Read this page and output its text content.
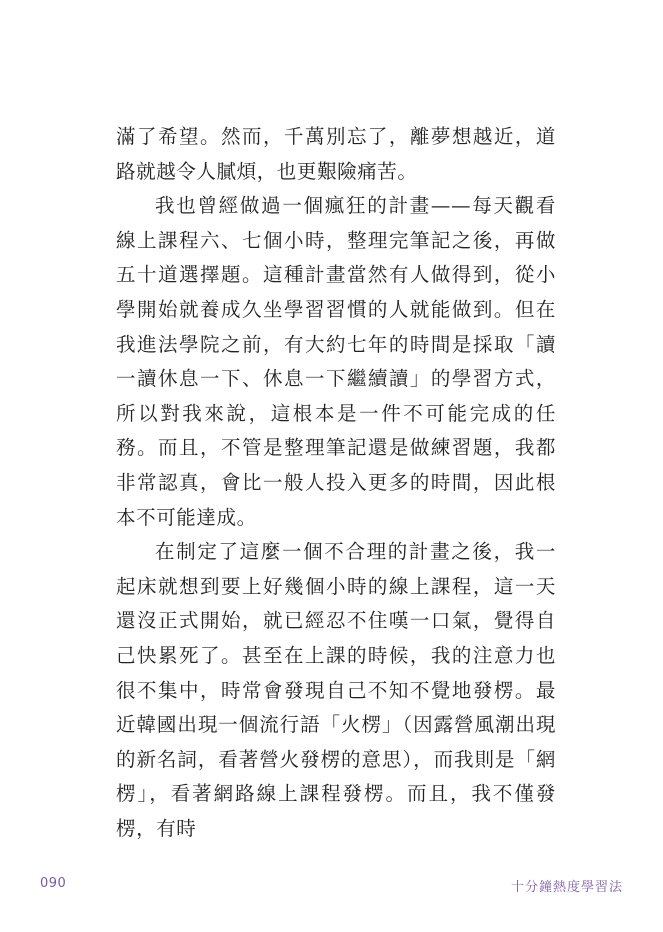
滿了希望。然而，千萬別忘了，離夢想越近，道路就越令人膩煩，也更艱險痛苦。

我也曾經做過一個瘋狂的計畫——每天觀看線上課程六、七個小時，整理完筆記之後，再做五十道選擇題。這種計畫當然有人做得到，從小學開始就養成久坐學習習慣的人就能做到。但在我進法學院之前，有大約七年的時間是採取「讀一讀休息一下、休息一下繼續讀」的學習方式，所以對我來說，這根本是一件不可能完成的任務。而且，不管是整理筆記還是做練習題，我都非常認真，會比一般人投入更多的時間，因此根本不可能達成。

在制定了這麼一個不合理的計畫之後，我一起床就想到要上好幾個小時的線上課程，這一天還沒正式開始，就已經忍不住嘆一口氣，覺得自己快累死了。甚至在上課的時候，我的注意力也很不集中，時常會發現自己不知不覺地發楞。最近韓國出現一個流行語「火楞」（因露營風潮出現的新名詞，看著營火發楞的意思），而我則是「網楞」，看著網路線上課程發楞。而且，我不僅發楞，有時

090	十分鐘熱度學習法
